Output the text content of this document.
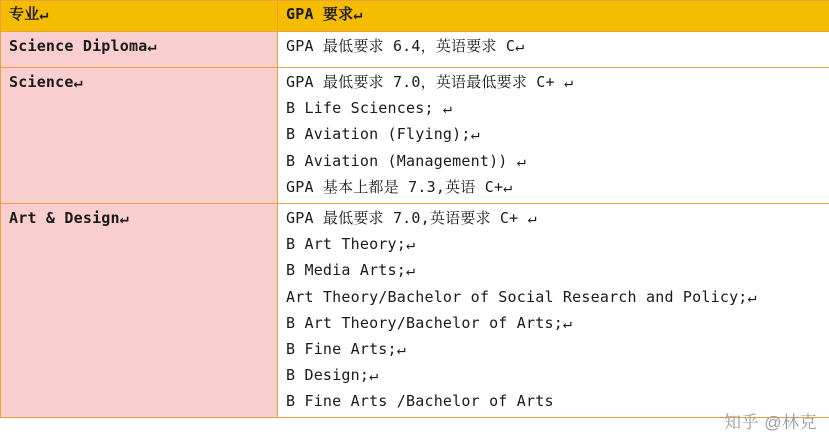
专业↵	GPA 要求↵
Science Diploma↵	GPA 最低要求 6.4，英语要求 C↵

Science↵	GPA 最低要求 7.0，英语最低要求 C+ ↵
B Life Sciences; ↵
B Aviation (Flying);↵
B Aviation (Management)) ↵
GPA 基本上都是 7.3,英语 C+↵

Art & Design↵	GPA 最低要求 7.0,英语要求 C+ ↵
B Art Theory;↵
B Media Arts;↵
Art Theory/Bachelor of Social Research and Policy;↵
B Art Theory/Bachelor of Arts;↵
B Fine Arts;↵
B Design;↵
B Fine Arts /Bachelor of Arts
知乎 @林克
